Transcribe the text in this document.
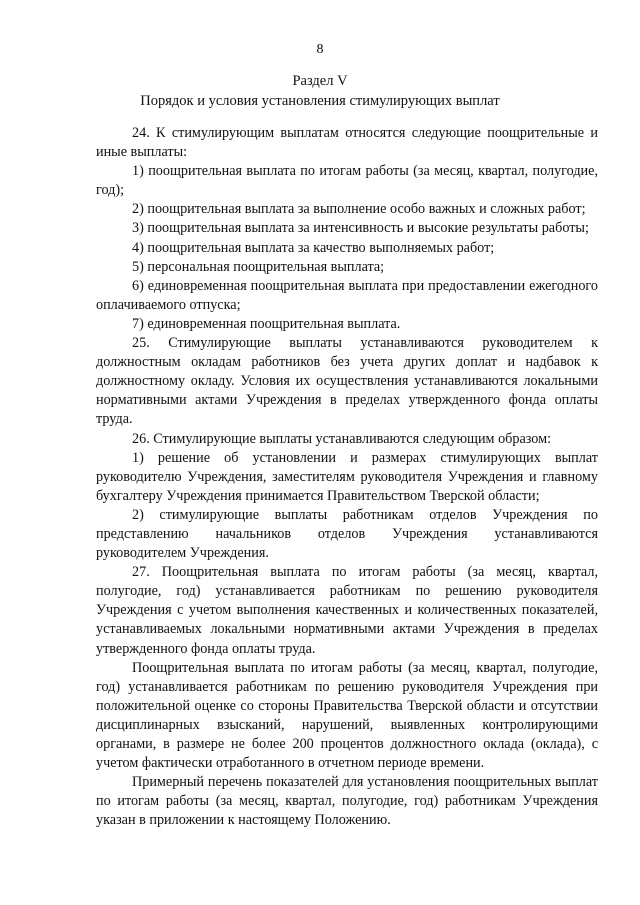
8
Раздел V
Порядок и условия установления стимулирующих выплат

24. К стимулирующим выплатам относятся следующие поощрительные и иные выплаты:

1) поощрительная выплата по итогам работы (за месяц, квартал, полугодие, год);

2) поощрительная выплата за выполнение особо важных и сложных работ;

3) поощрительная выплата за интенсивность и высокие результаты работы;

4) поощрительная выплата за качество выполняемых работ;

5) персональная поощрительная выплата;

6) единовременная поощрительная выплата при предоставлении ежегодного оплачиваемого отпуска;

7) единовременная поощрительная выплата.

25. Стимулирующие выплаты устанавливаются руководителем к должностным окладам работников без учета других доплат и надбавок к должностному окладу. Условия их осуществления устанавливаются локальными нормативными актами Учреждения в пределах утвержденного фонда оплаты труда.

26. Стимулирующие выплаты устанавливаются следующим образом:

1) решение об установлении и размерах стимулирующих выплат руководителю Учреждения, заместителям руководителя Учреждения и главному бухгалтеру Учреждения принимается Правительством Тверской области;

2) стимулирующие выплаты работникам отделов Учреждения по представлению начальников отделов Учреждения устанавливаются руководителем Учреждения.

27. Поощрительная выплата по итогам работы (за месяц, квартал, полугодие, год) устанавливается работникам по решению руководителя Учреждения с учетом выполнения качественных и количественных показателей, устанавливаемых локальными нормативными актами Учреждения в пределах утвержденного фонда оплаты труда.

Поощрительная выплата по итогам работы (за месяц, квартал, полугодие, год) устанавливается работникам по решению руководителя Учреждения при положительной оценке со стороны Правительства Тверской области и отсутствии дисциплинарных взысканий, нарушений, выявленных контролирующими органами, в размере не более 200 процентов должностного оклада (оклада), с учетом фактически отработанного в отчетном периоде времени.

Примерный перечень показателей для установления поощрительных выплат по итогам работы (за месяц, квартал, полугодие, год) работникам Учреждения указан в приложении к настоящему Положению.
